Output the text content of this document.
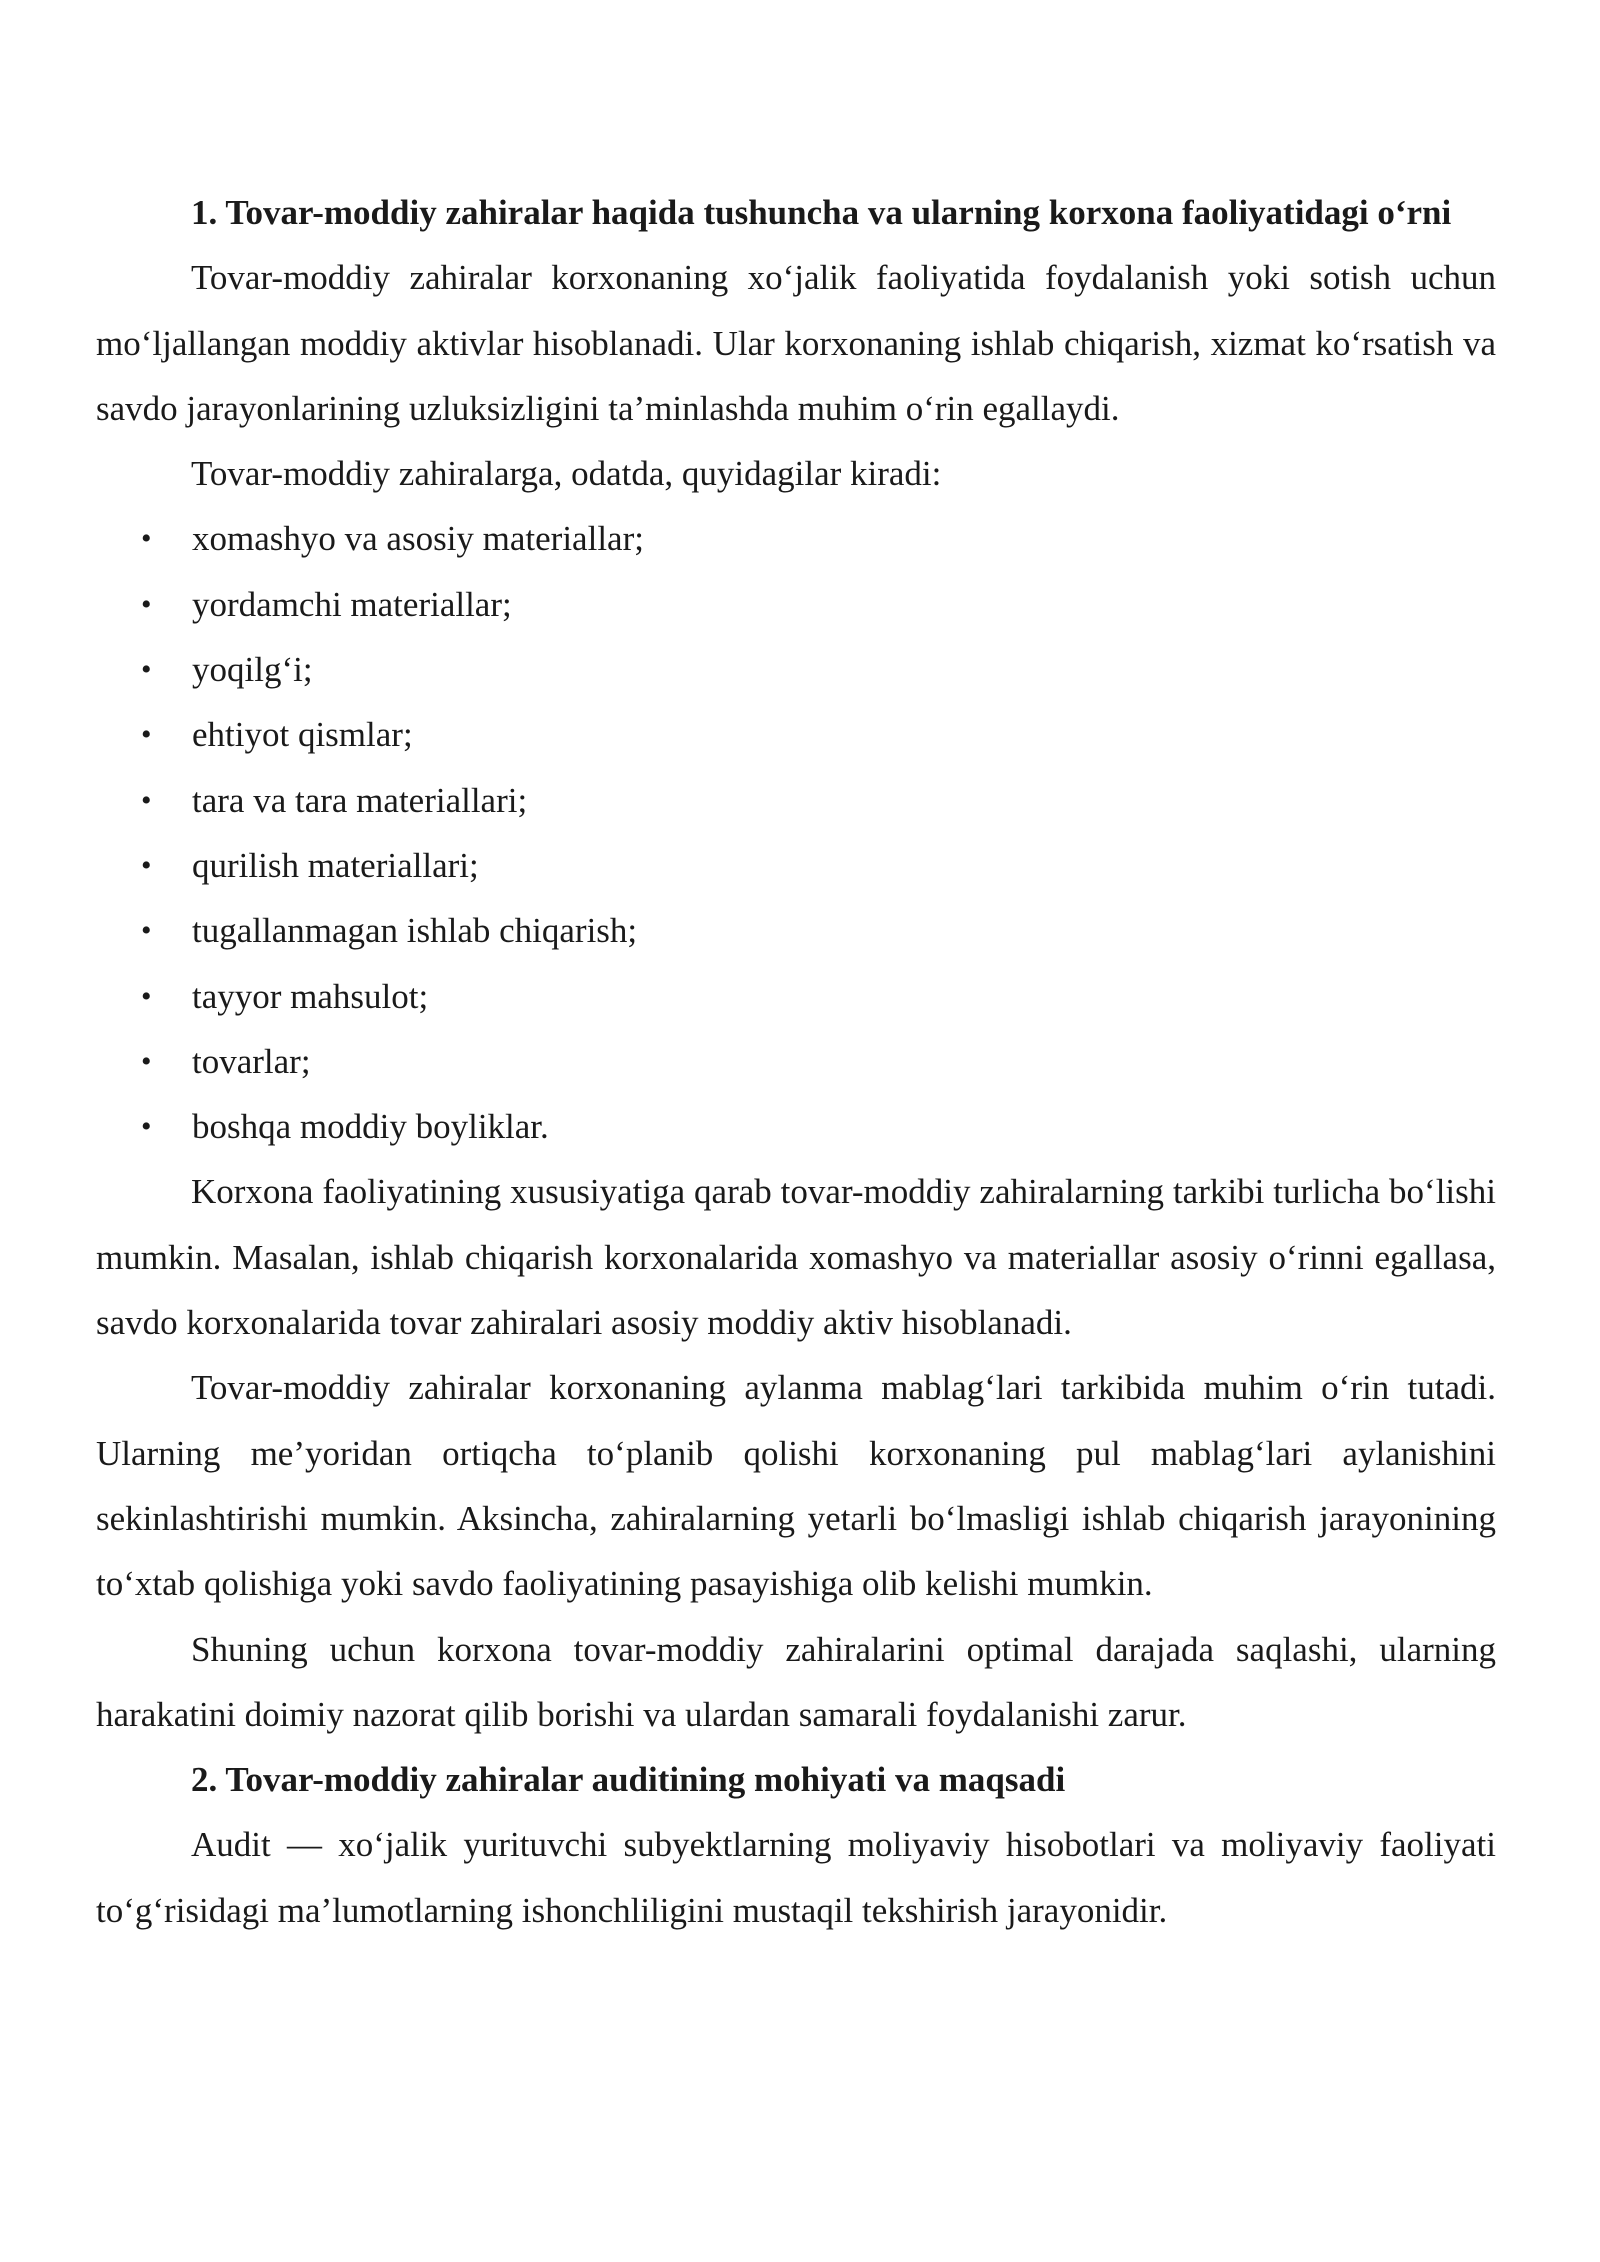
1. Tovar-moddiy zahiralar haqida tushuncha va ularning korxona faoliyatidagi o‘rni

Tovar-moddiy zahiralar korxonaning xo‘jalik faoliyatida foydalanish yoki sotish uchun mo‘ljallangan moddiy aktivlar hisoblanadi. Ular korxonaning ishlab chiqarish, xizmat ko‘rsatish va savdo jarayonlarining uzluksizligini ta’minlashda muhim o‘rin egallaydi.

Tovar-moddiy zahiralarga, odatda, quyidagilar kiradi:

• xomashyo va asosiy materiallar;
• yordamchi materiallar;
• yoqilg‘i;
• ehtiyot qismlar;
• tara va tara materiallari;
• qurilish materiallari;
• tugallanmagan ishlab chiqarish;
• tayyor mahsulot;
• tovarlar;
• boshqa moddiy boyliklar.

Korxona faoliyatining xususiyatiga qarab tovar-moddiy zahiralarning tarkibi turlicha bo‘lishi mumkin. Masalan, ishlab chiqarish korxonalarida xomashyo va materiallar asosiy o‘rinni egallasa, savdo korxonalarida tovar zahiralari asosiy moddiy aktiv hisoblanadi.

Tovar-moddiy zahiralar korxonaning aylanma mablag‘lari tarkibida muhim o‘rin tutadi. Ularning me’yoridan ortiqcha to‘planib qolishi korxonaning pul mablag‘lari aylanishini sekinlashtirishi mumkin. Aksincha, zahiralarning yetarli bo‘lmasligi ishlab chiqarish jarayonining to‘xtab qolishiga yoki savdo faoliyatining pasayishiga olib kelishi mumkin.

Shuning uchun korxona tovar-moddiy zahiralarini optimal darajada saqlashi, ularning harakatini doimiy nazorat qilib borishi va ulardan samarali foydalanishi zarur.

2. Tovar-moddiy zahiralar auditining mohiyati va maqsadi

Audit — xo‘jalik yurituvchi subyektlarning moliyaviy hisobotlari va moliyaviy faoliyati to‘g‘risidagi ma’lumotlarning ishonchliligini mustaqil tekshirish jarayonidir.
